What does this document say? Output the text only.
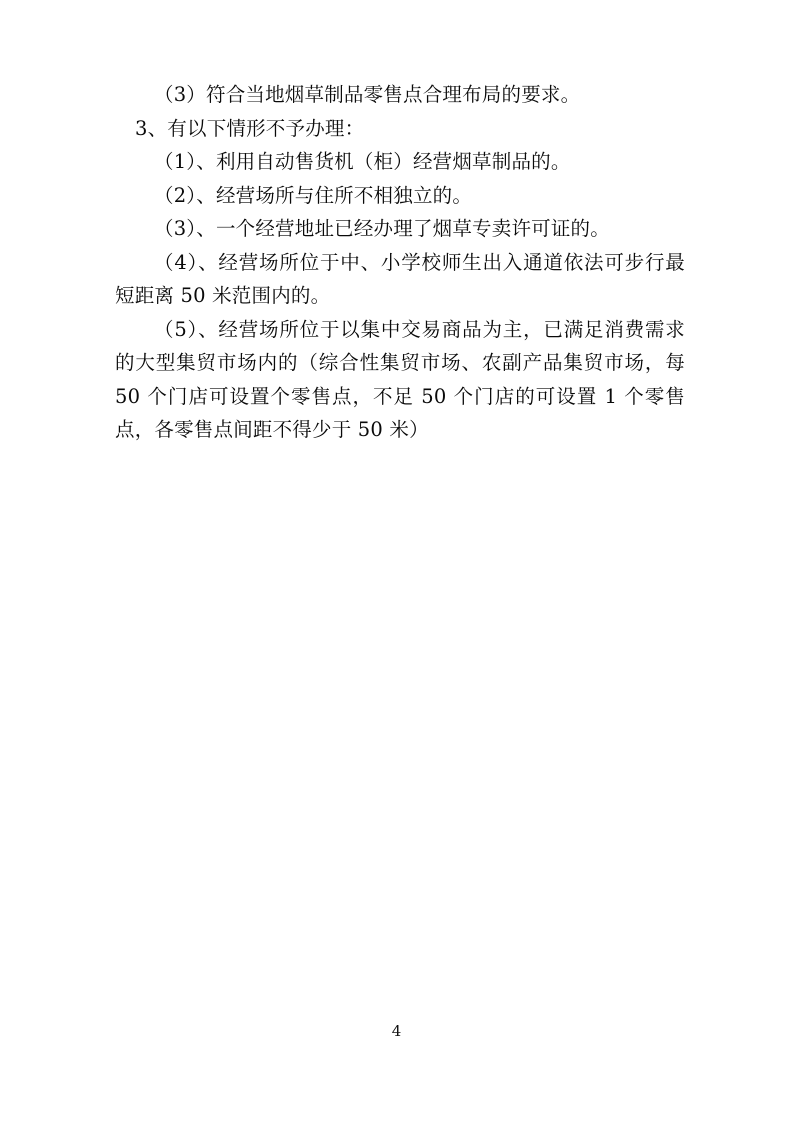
（3）符合当地烟草制品零售点合理布局的要求。

3、有以下情形不予办理：

（1）、利用自动售货机（柜）经营烟草制品的。

（2）、经营场所与住所不相独立的。

（3）、一个经营地址已经办理了烟草专卖许可证的。

（4）、经营场所位于中、小学校师生出入通道依法可步行最短距离 50 米范围内的。

（5）、经营场所位于以集中交易商品为主，已满足消费需求的大型集贸市场内的（综合性集贸市场、农副产品集贸市场，每 50 个门店可设置个零售点，不足 50 个门店的可设置 1 个零售点，各零售点间距不得少于 50 米）

4
